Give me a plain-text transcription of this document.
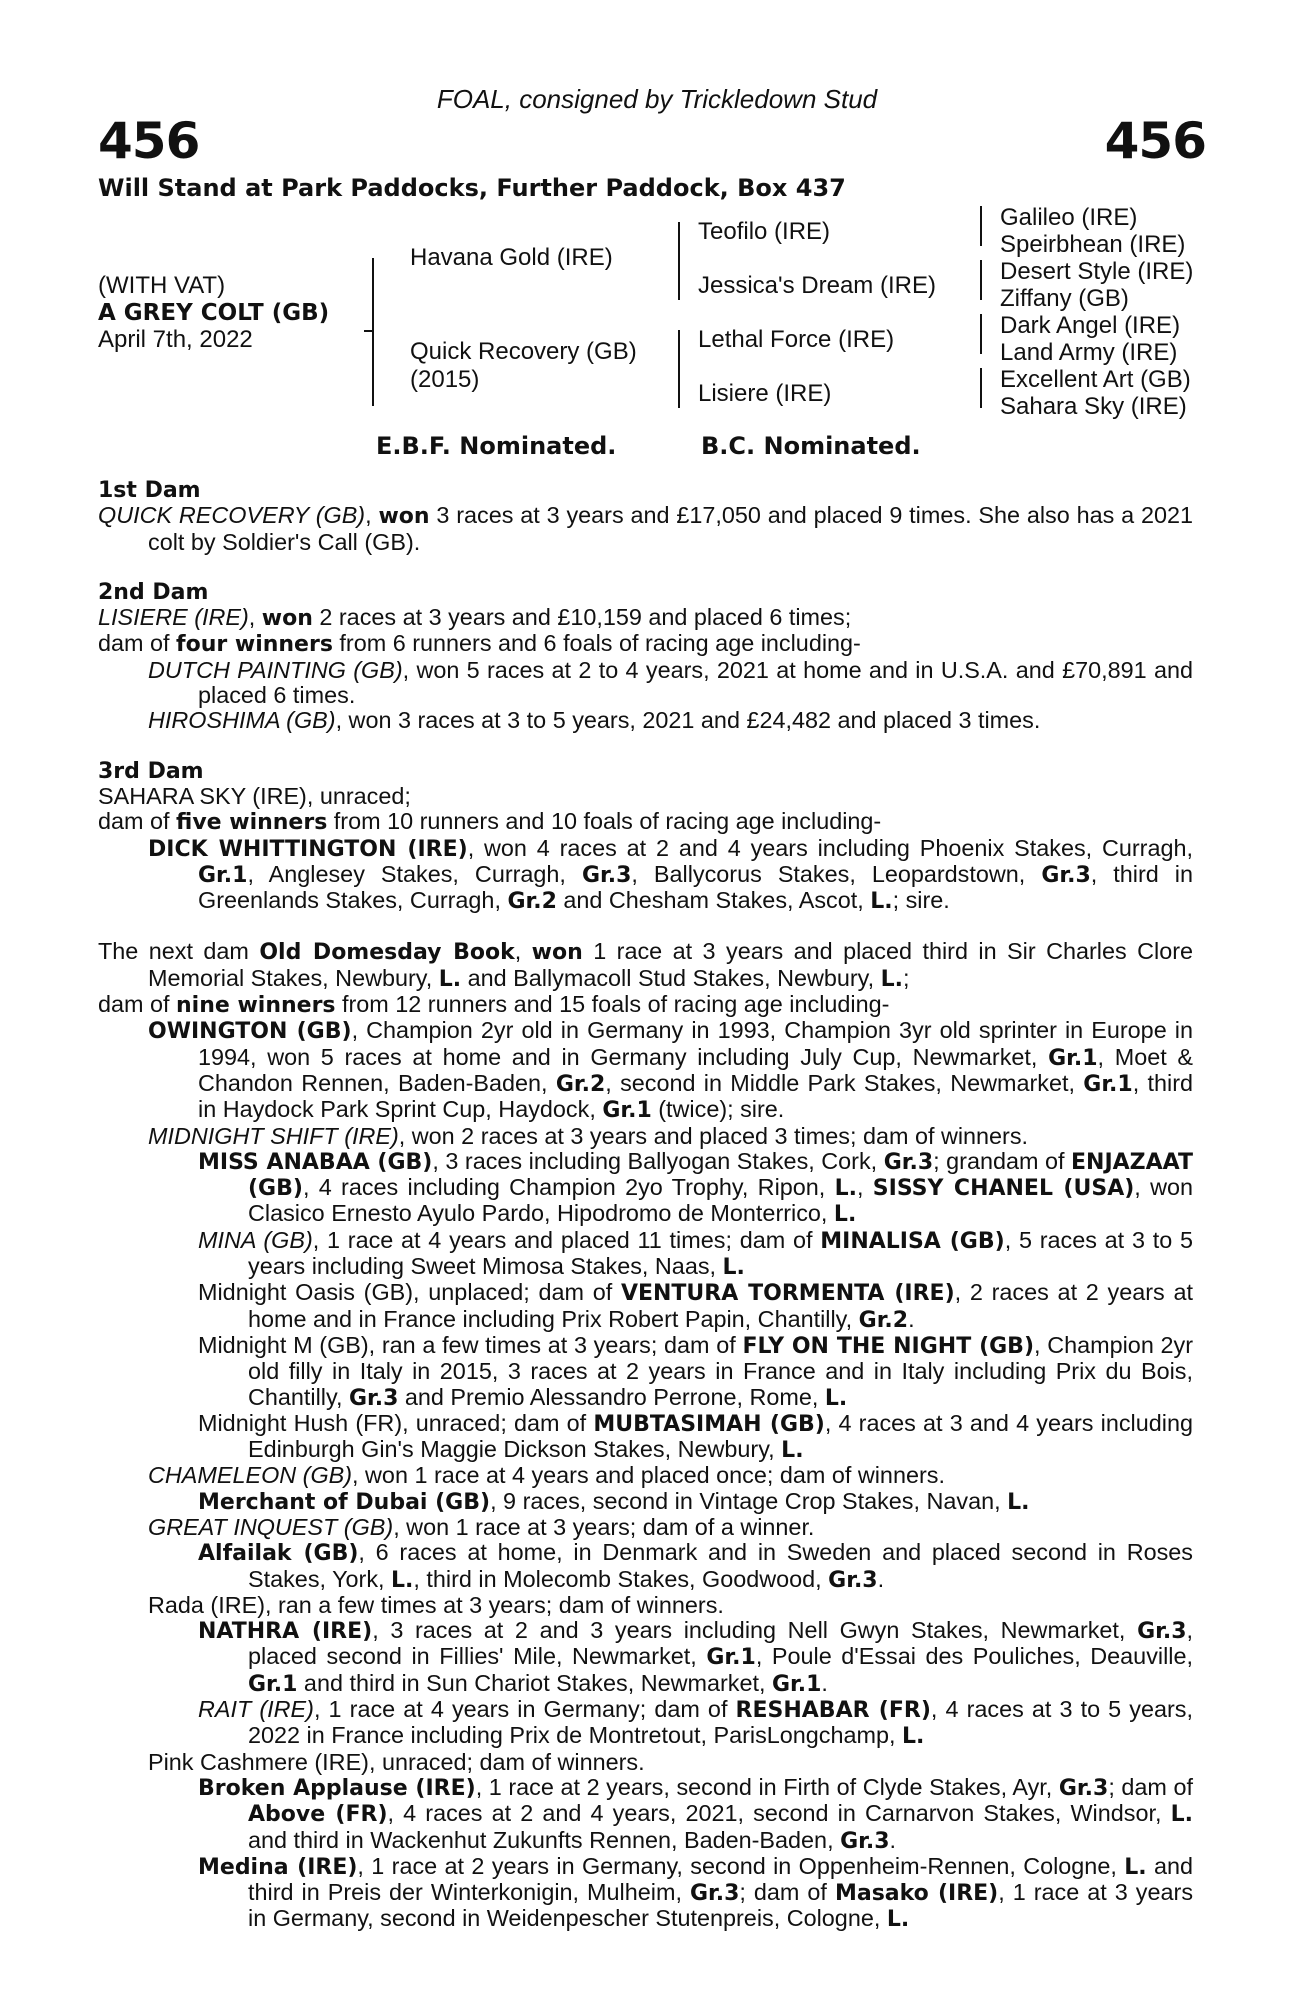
FOAL, consigned by Trickledown Stud
456	456
Will Stand at Park Paddocks, Further Paddock, Box 437
(WITH VAT)
A GREY COLT (GB)
April 7th, 2022
Havana Gold (IRE)
Quick Recovery (GB)
(2015)
Teofilo (IRE)
Jessica's Dream (IRE)
Lethal Force (IRE)
Lisiere (IRE)
Galileo (IRE)
Speirbhean (IRE)
Desert Style (IRE)
Ziffany (GB)
Dark Angel (IRE)
Land Army (IRE)
Excellent Art (GB)
Sahara Sky (IRE)
E.B.F. Nominated.	B.C. Nominated.

1st Dam

QUICK RECOVERY (GB), won 3 races at 3 years and £17,050 and placed 9 times. She also has a 2021 colt by Soldier's Call (GB).

2nd Dam

LISIERE (IRE), won 2 races at 3 years and £10,159 and placed 6 times;

dam of four winners from 6 runners and 6 foals of racing age including-

DUTCH PAINTING (GB), won 5 races at 2 to 4 years, 2021 at home and in U.S.A. and £70,891 and placed 6 times.

HIROSHIMA (GB), won 3 races at 3 to 5 years, 2021 and £24,482 and placed 3 times.

3rd Dam

SAHARA SKY (IRE), unraced;

dam of five winners from 10 runners and 10 foals of racing age including-

DICK WHITTINGTON (IRE), won 4 races at 2 and 4 years including Phoenix Stakes, Curragh, Gr.1, Anglesey Stakes, Curragh, Gr.3, Ballycorus Stakes, Leopardstown, Gr.3, third in Greenlands Stakes, Curragh, Gr.2 and Chesham Stakes, Ascot, L.; sire.

The next dam Old Domesday Book, won 1 race at 3 years and placed third in Sir Charles Clore Memorial Stakes, Newbury, L. and Ballymacoll Stud Stakes, Newbury, L.;

dam of nine winners from 12 runners and 15 foals of racing age including-

OWINGTON (GB), Champion 2yr old in Germany in 1993, Champion 3yr old sprinter in Europe in 1994, won 5 races at home and in Germany including July Cup, Newmarket, Gr.1, Moet & Chandon Rennen, Baden-Baden, Gr.2, second in Middle Park Stakes, Newmarket, Gr.1, third in Haydock Park Sprint Cup, Haydock, Gr.1 (twice); sire.

MIDNIGHT SHIFT (IRE), won 2 races at 3 years and placed 3 times; dam of winners.

MISS ANABAA (GB), 3 races including Ballyogan Stakes, Cork, Gr.3; grandam of ENJAZAAT (GB), 4 races including Champion 2yo Trophy, Ripon, L., SISSY CHANEL (USA), won Clasico Ernesto Ayulo Pardo, Hipodromo de Monterrico, L.

MINA (GB), 1 race at 4 years and placed 11 times; dam of MINALISA (GB), 5 races at 3 to 5 years including Sweet Mimosa Stakes, Naas, L.

Midnight Oasis (GB), unplaced; dam of VENTURA TORMENTA (IRE), 2 races at 2 years at home and in France including Prix Robert Papin, Chantilly, Gr.2.

Midnight M (GB), ran a few times at 3 years; dam of FLY ON THE NIGHT (GB), Champion 2yr old filly in Italy in 2015, 3 races at 2 years in France and in Italy including Prix du Bois, Chantilly, Gr.3 and Premio Alessandro Perrone, Rome, L.

Midnight Hush (FR), unraced; dam of MUBTASIMAH (GB), 4 races at 3 and 4 years including Edinburgh Gin's Maggie Dickson Stakes, Newbury, L.

CHAMELEON (GB), won 1 race at 4 years and placed once; dam of winners.

Merchant of Dubai (GB), 9 races, second in Vintage Crop Stakes, Navan, L.

GREAT INQUEST (GB), won 1 race at 3 years; dam of a winner.

Alfailak (GB), 6 races at home, in Denmark and in Sweden and placed second in Roses Stakes, York, L., third in Molecomb Stakes, Goodwood, Gr.3.

Rada (IRE), ran a few times at 3 years; dam of winners.

NATHRA (IRE), 3 races at 2 and 3 years including Nell Gwyn Stakes, Newmarket, Gr.3, placed second in Fillies' Mile, Newmarket, Gr.1, Poule d'Essai des Pouliches, Deauville, Gr.1 and third in Sun Chariot Stakes, Newmarket, Gr.1.

RAIT (IRE), 1 race at 4 years in Germany; dam of RESHABAR (FR), 4 races at 3 to 5 years, 2022 in France including Prix de Montretout, ParisLongchamp, L.

Pink Cashmere (IRE), unraced; dam of winners.

Broken Applause (IRE), 1 race at 2 years, second in Firth of Clyde Stakes, Ayr, Gr.3; dam of Above (FR), 4 races at 2 and 4 years, 2021, second in Carnarvon Stakes, Windsor, L. and third in Wackenhut Zukunfts Rennen, Baden-Baden, Gr.3.

Medina (IRE), 1 race at 2 years in Germany, second in Oppenheim-Rennen, Cologne, L. and third in Preis der Winterkonigin, Mulheim, Gr.3; dam of Masako (IRE), 1 race at 3 years in Germany, second in Weidenpescher Stutenpreis, Cologne, L.
